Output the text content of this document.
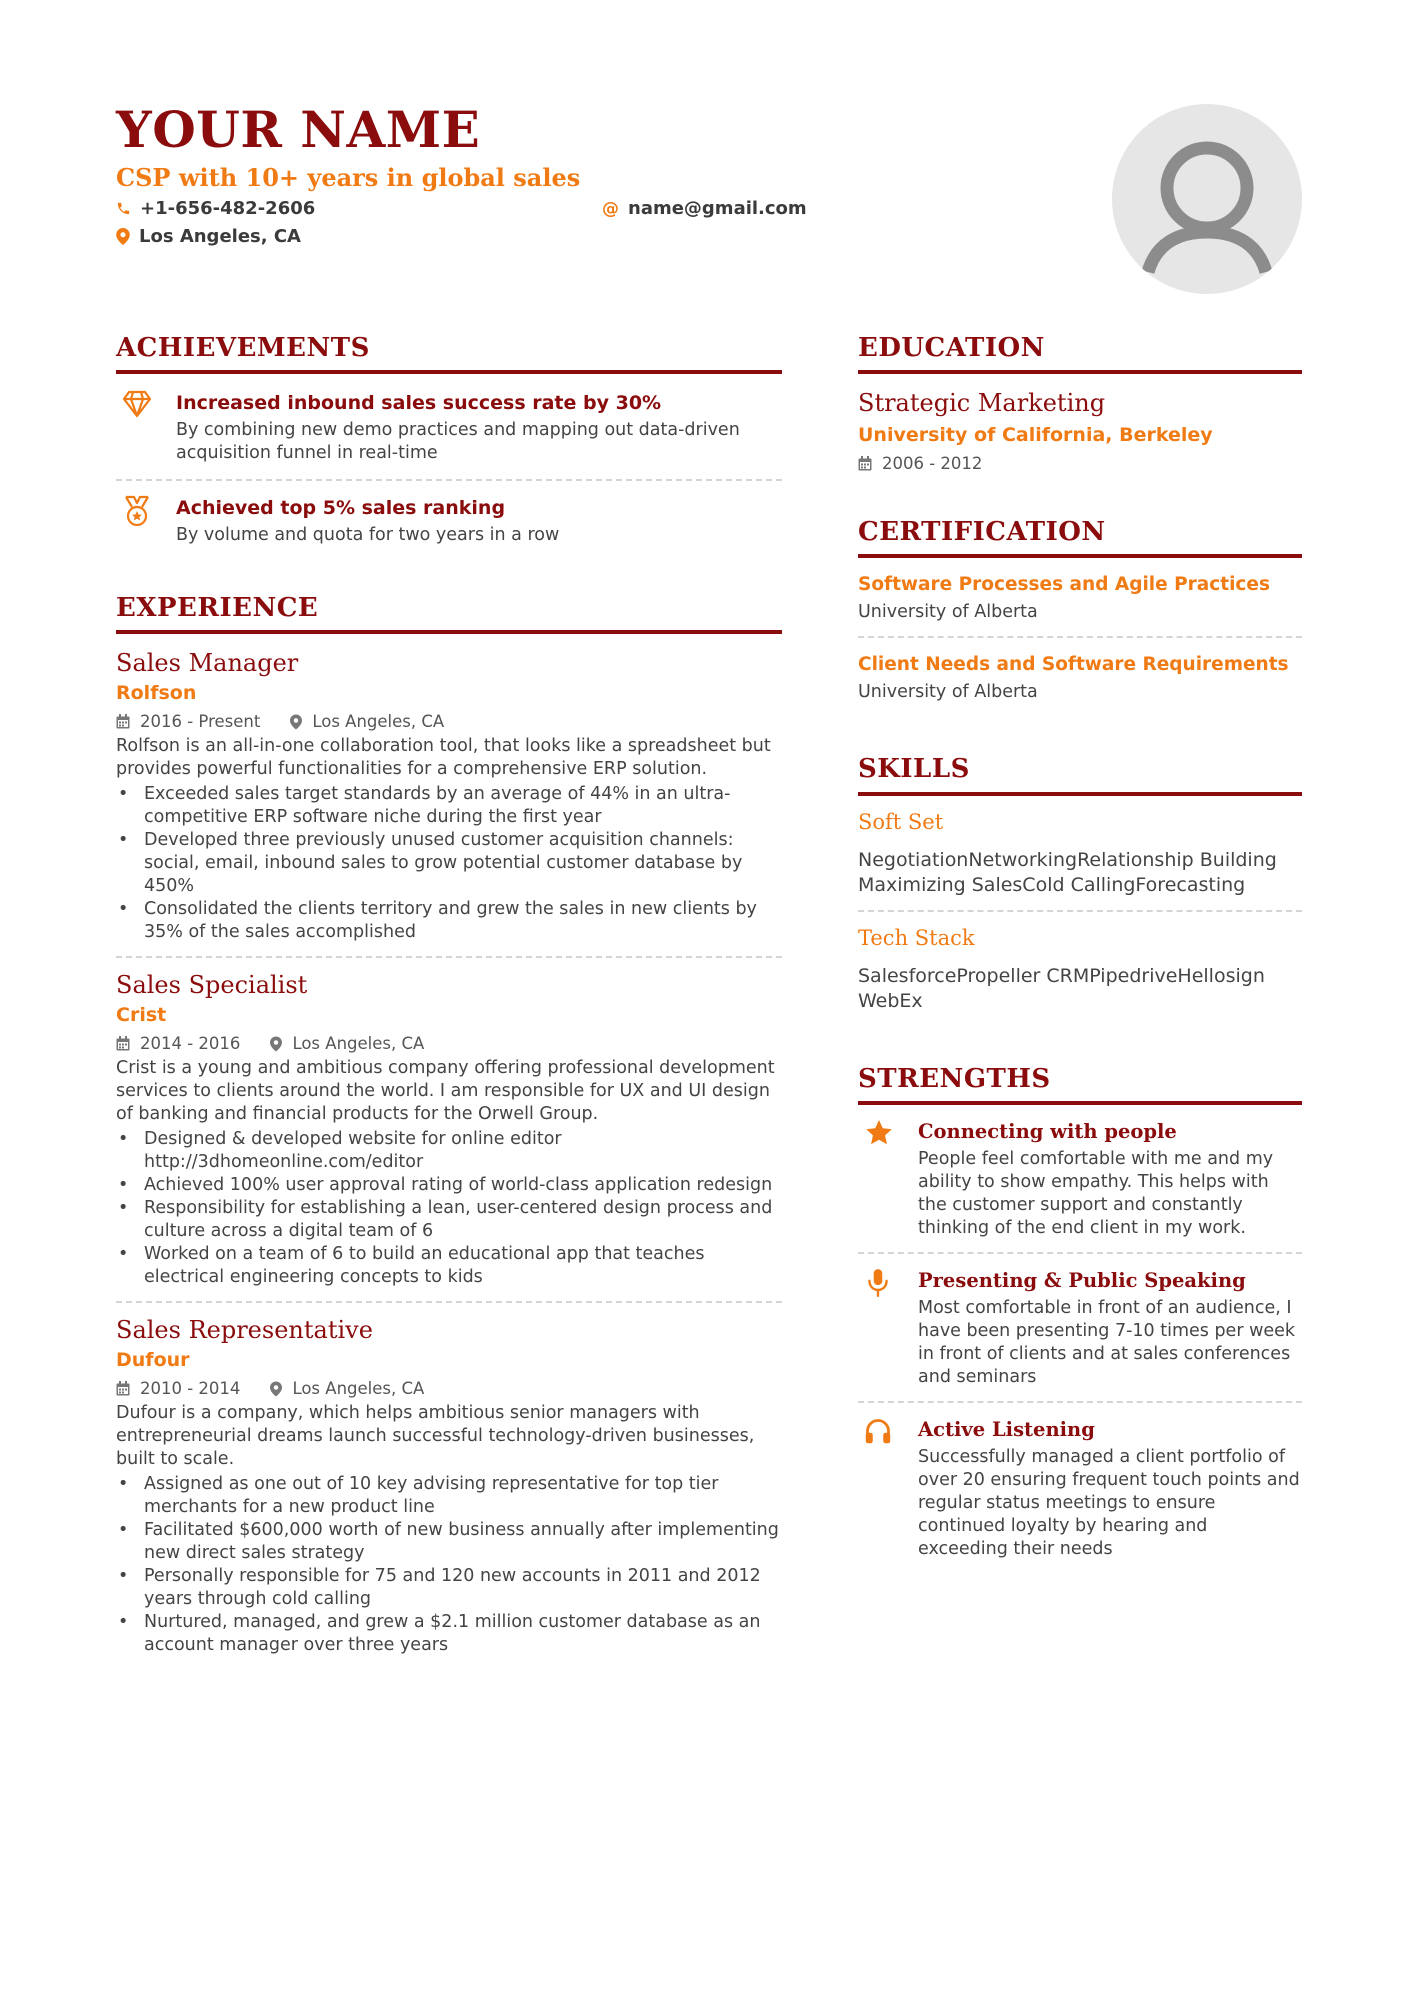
YOUR NAME
CSP with 10+ years in global sales
+1-656-482-2606	@ name@gmail.com
Los Angeles, CA
ACHIEVEMENTS
Increased inbound sales success rate by 30%
By combining new demo practices and mapping out data-driven acquisition funnel in real-time
Achieved top 5% sales ranking
By volume and quota for two years in a row
EXPERIENCE
Sales Manager
Rolfson
2016 - Present	Los Angeles, CA
Rolfson is an all-in-one collaboration tool, that looks like a spreadsheet but provides powerful functionalities for a comprehensive ERP solution.
• Exceeded sales target standards by an average of 44% in an ultra-competitive ERP software niche during the first year
• Developed three previously unused customer acquisition channels: social, email, inbound sales to grow potential customer database by 450%
• Consolidated the clients territory and grew the sales in new clients by 35% of the sales accomplished
Sales Specialist
Crist
2014 - 2016	Los Angeles, CA
Crist is a young and ambitious company offering professional development services to clients around the world. I am responsible for UX and UI design of banking and financial products for the Orwell Group.
• Designed & developed website for online editor http://3dhomeonline.com/editor
• Achieved 100% user approval rating of world-class application redesign
• Responsibility for establishing a lean, user-centered design process and culture across a digital team of 6
• Worked on a team of 6 to build an educational app that teaches electrical engineering concepts to kids
Sales Representative
Dufour
2010 - 2014	Los Angeles, CA
Dufour is a company, which helps ambitious senior managers with entrepreneurial dreams launch successful technology-driven businesses, built to scale.
• Assigned as one out of 10 key advising representative for top tier merchants for a new product line
• Facilitated $600,000 worth of new business annually after implementing new direct sales strategy
• Personally responsible for 75 and 120 new accounts in 2011 and 2012 years through cold calling
• Nurtured, managed, and grew a $2.1 million customer database as an account manager over three years
EDUCATION
Strategic Marketing
University of California, Berkeley
2006 - 2012
CERTIFICATION
Software Processes and Agile Practices
University of Alberta
Client Needs and Software Requirements
University of Alberta
SKILLS
Soft Set
NegotiationNetworkingRelationship Building
Maximizing SalesCold CallingForecasting
Tech Stack
SalesforcePropeller CRMPipedriveHellosign
WebEx
STRENGTHS
Connecting with people
People feel comfortable with me and my ability to show empathy. This helps with the customer support and constantly thinking of the end client in my work.
Presenting & Public Speaking
Most comfortable in front of an audience, I have been presenting 7-10 times per week in front of clients and at sales conferences and seminars
Active Listening
Successfully managed a client portfolio of over 20 ensuring frequent touch points and regular status meetings to ensure continued loyalty by hearing and exceeding their needs
